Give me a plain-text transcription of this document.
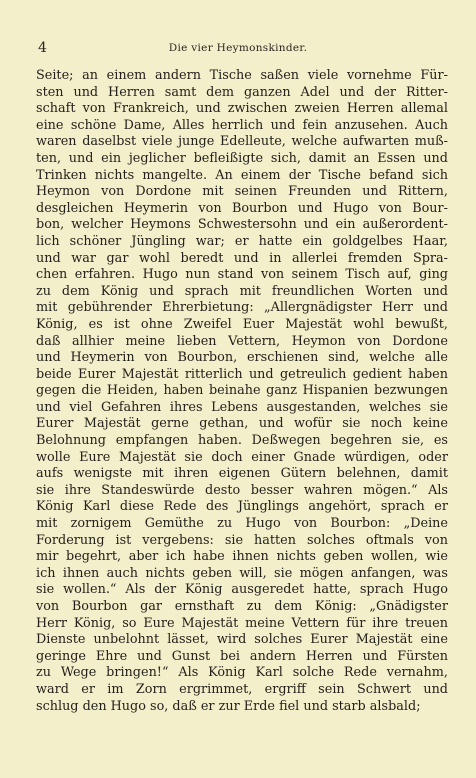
4	Die vier Heymonskinder.
Seite; an einem andern Tische saßen viele vornehme Für-
sten und Herren samt dem ganzen Adel und der Ritter-
schaft von Frankreich, und zwischen zweien Herren allemal
eine schöne Dame, Alles herrlich und fein anzusehen. Auch
waren daselbst viele junge Edelleute, welche aufwarten muß-
ten, und ein jeglicher befleißigte sich, damit an Essen und
Trinken nichts mangelte. An einem der Tische befand sich
Heymon von Dordone mit seinen Freunden und Rittern,
desgleichen Heymerin von Bourbon und Hugo von Bour-
bon, welcher Heymons Schwestersohn und ein außerordent-
lich schöner Jüngling war; er hatte ein goldgelbes Haar,
und war gar wohl beredt und in allerlei fremden Spra-
chen erfahren. Hugo nun stand von seinem Tisch auf, ging
zu dem König und sprach mit freundlichen Worten und
mit gebührender Ehrerbietung: „Allergnädigster Herr und
König, es ist ohne Zweifel Euer Majestät wohl bewußt,
daß allhier meine lieben Vettern, Heymon von Dordone
und Heymerin von Bourbon, erschienen sind, welche alle
beide Eurer Majestät ritterlich und getreulich gedient haben
gegen die Heiden, haben beinahe ganz Hispanien bezwungen
und viel Gefahren ihres Lebens ausgestanden, welches sie
Eurer Majestät gerne gethan, und wofür sie noch keine
Belohnung empfangen haben. Deßwegen begehren sie, es
wolle Eure Majestät sie doch einer Gnade würdigen, oder
aufs wenigste mit ihren eigenen Gütern belehnen, damit
sie ihre Standeswürde desto besser wahren mögen.“ Als
König Karl diese Rede des Jünglings angehört, sprach er
mit zornigem Gemüthe zu Hugo von Bourbon: „Deine
Forderung ist vergebens: sie hatten solches oftmals von
mir begehrt, aber ich habe ihnen nichts geben wollen, wie
ich ihnen auch nichts geben will, sie mögen anfangen, was
sie wollen.“ Als der König ausgeredet hatte, sprach Hugo
von Bourbon gar ernsthaft zu dem König: „Gnädigster
Herr König, so Eure Majestät meine Vettern für ihre treuen
Dienste unbelohnt lässet, wird solches Eurer Majestät eine
geringe Ehre und Gunst bei andern Herren und Fürsten
zu Wege bringen!“ Als König Karl solche Rede vernahm,
ward er im Zorn ergrimmet, ergriff sein Schwert und
schlug den Hugo so, daß er zur Erde fiel und starb alsbald;
